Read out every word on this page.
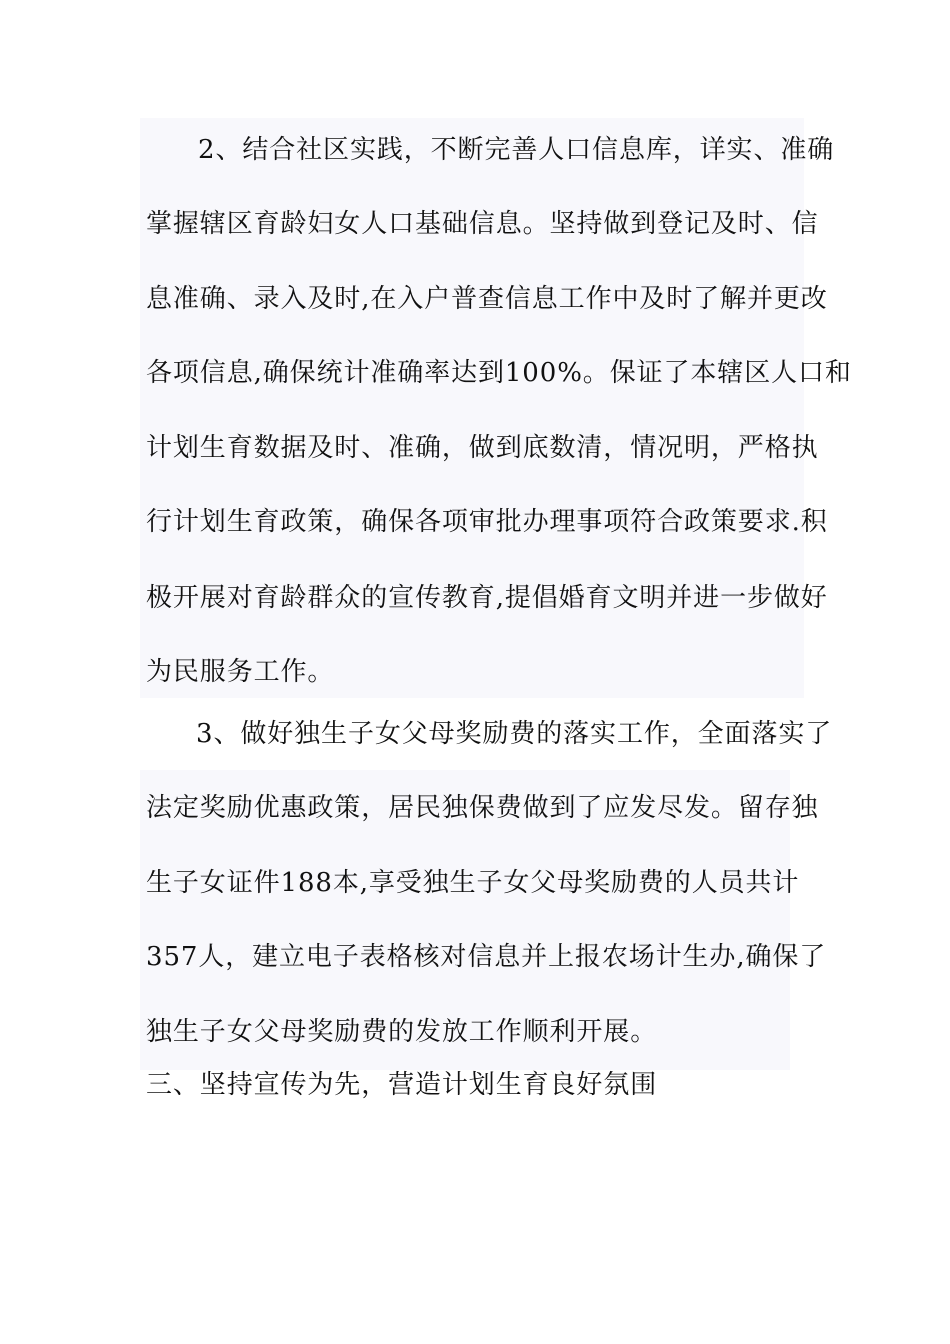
2、结合社区实践，不断完善人口信息库，详实、准确
掌握辖区育龄妇女人口基础信息。坚持做到登记及时、信
息准确、录入及时,在入户普查信息工作中及时了解并更改
各项信息,确保统计准确率达到100%。保证了本辖区人口和
计划生育数据及时、准确，做到底数清，情况明，严格执
行计划生育政策，确保各项审批办理事项符合政策要求.积
极开展对育龄群众的宣传教育,提倡婚育文明并进一步做好
为民服务工作。
3、做好独生子女父母奖励费的落实工作，全面落实了
法定奖励优惠政策，居民独保费做到了应发尽发。留存独
生子女证件188本,享受独生子女父母奖励费的人员共计
357人，建立电子表格核对信息并上报农场计生办,确保了
独生子女父母奖励费的发放工作顺利开展。
三、坚持宣传为先，营造计划生育良好氛围
